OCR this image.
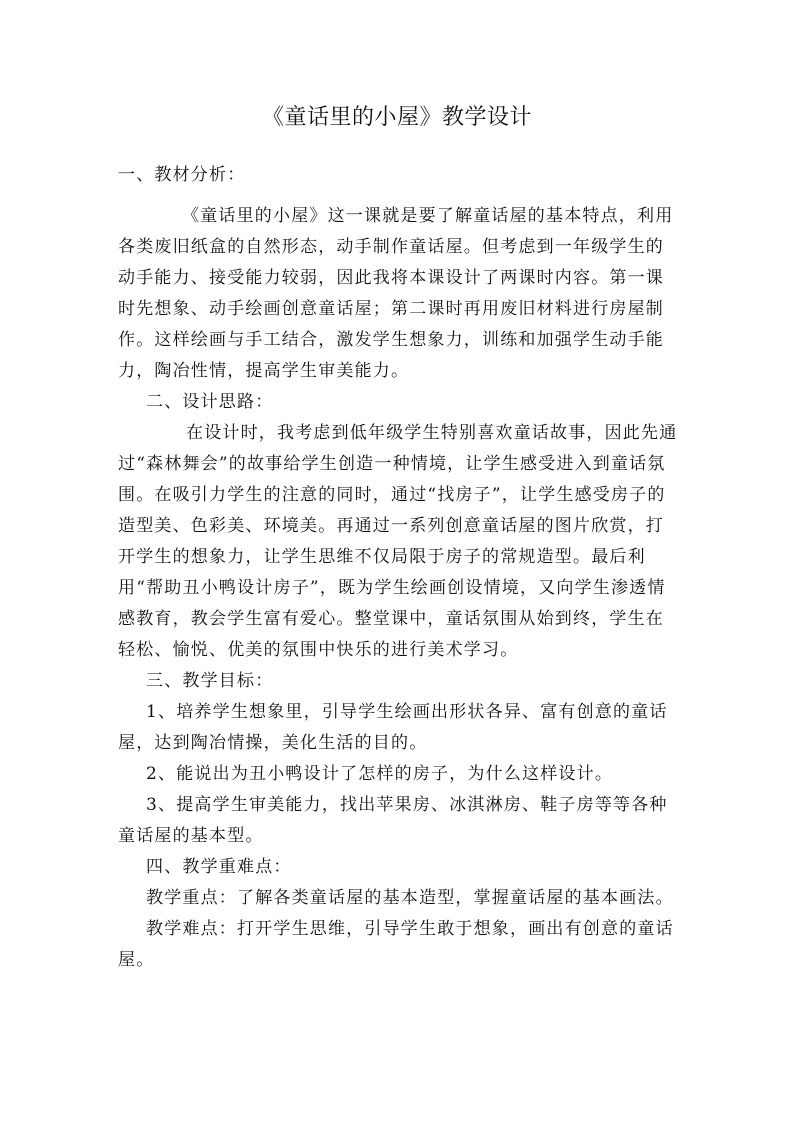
《童话里的小屋》教学设计

一、教材分析：

《童话里的小屋》这一课就是要了解童话屋的基本特点，利用各类废旧纸盒的自然形态，动手制作童话屋。但考虑到一年级学生的动手能力、接受能力较弱，因此我将本课设计了两课时内容。第一课时先想象、动手绘画创意童话屋；第二课时再用废旧材料进行房屋制作。这样绘画与手工结合，激发学生想象力，训练和加强学生动手能力，陶冶性情，提高学生审美能力。

二、设计思路：

在设计时，我考虑到低年级学生特别喜欢童话故事，因此先通过“森林舞会”的故事给学生创造一种情境，让学生感受进入到童话氛围。在吸引力学生的注意的同时，通过“找房子”，让学生感受房子的造型美、色彩美、环境美。再通过一系列创意童话屋的图片欣赏，打开学生的想象力，让学生思维不仅局限于房子的常规造型。最后利用“帮助丑小鸭设计房子”，既为学生绘画创设情境，又向学生渗透情感教育，教会学生富有爱心。整堂课中，童话氛围从始到终，学生在轻松、愉悦、优美的氛围中快乐的进行美术学习。

三、教学目标：

1、培养学生想象里，引导学生绘画出形状各异、富有创意的童话屋，达到陶冶情操，美化生活的目的。

2、能说出为丑小鸭设计了怎样的房子，为什么这样设计。

3、提高学生审美能力，找出苹果房、冰淇淋房、鞋子房等等各种童话屋的基本型。

四、教学重难点：

教学重点：了解各类童话屋的基本造型，掌握童话屋的基本画法。

教学难点：打开学生思维，引导学生敢于想象，画出有创意的童话屋。
